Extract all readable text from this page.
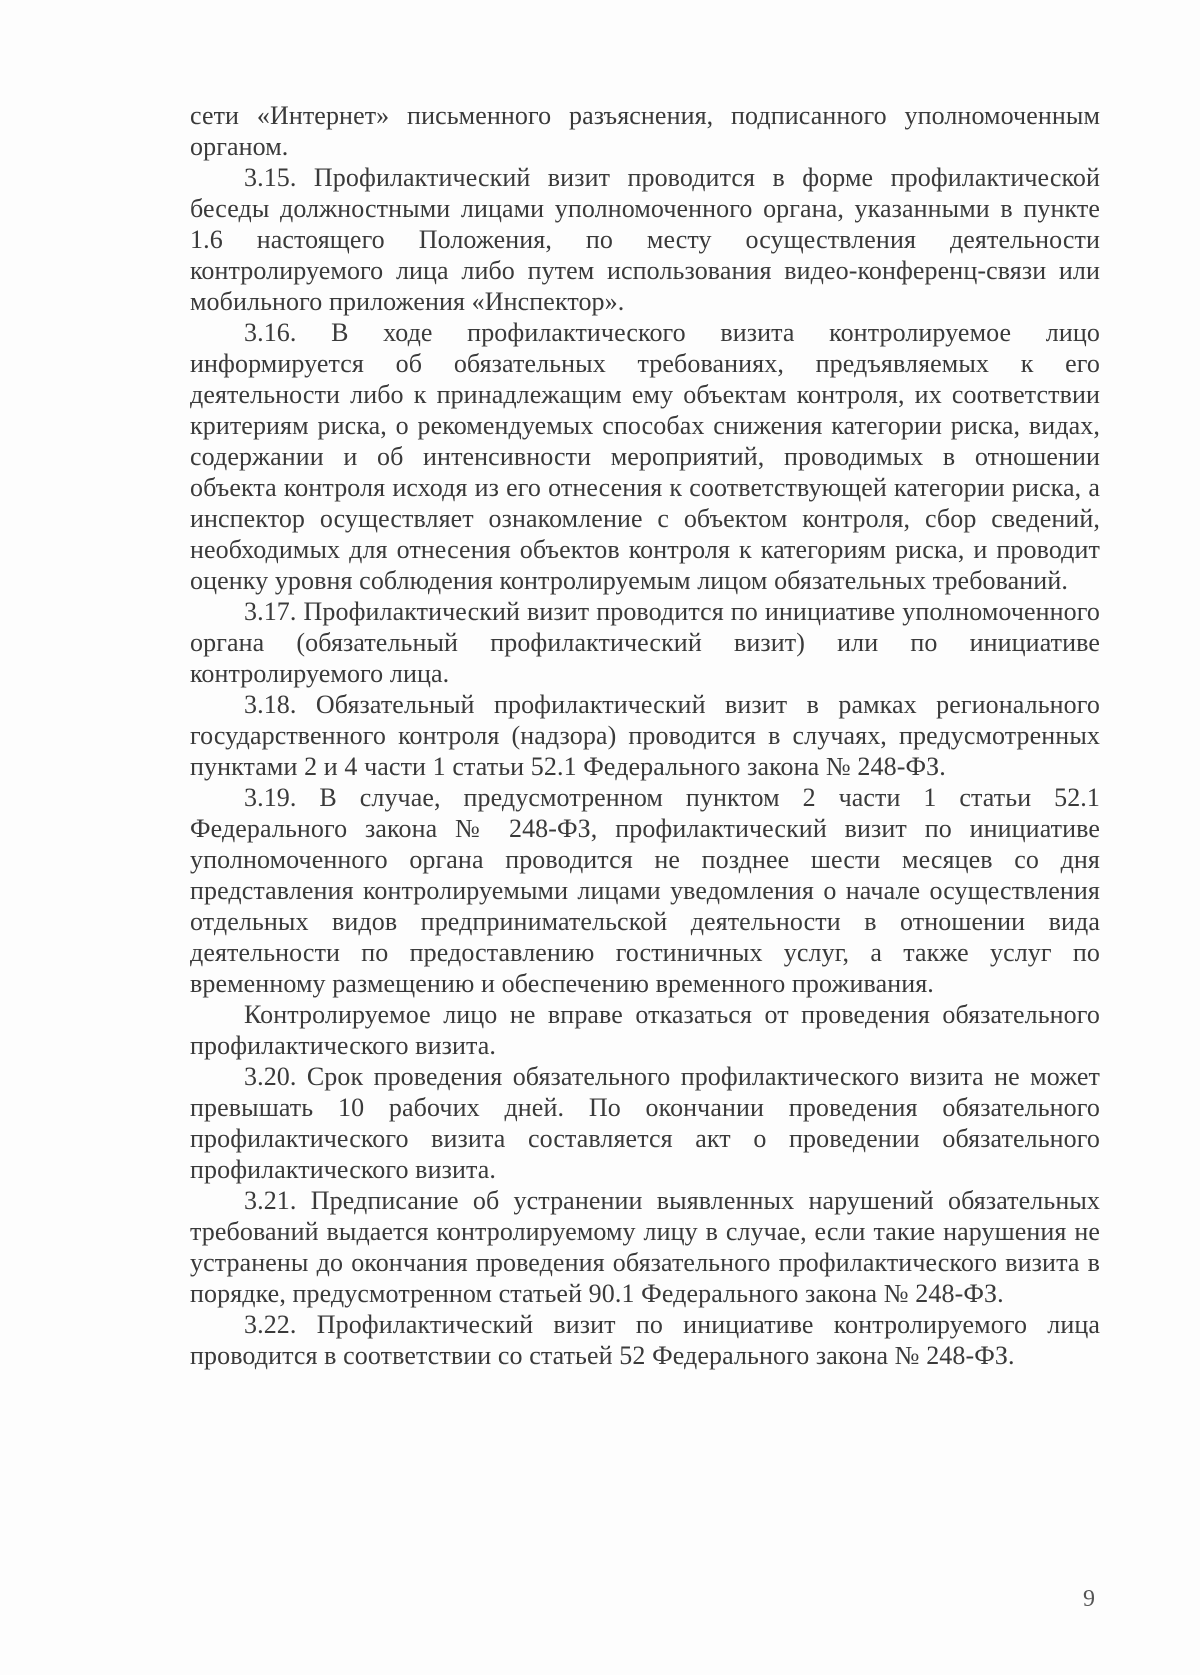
сети «Интернет» письменного разъяснения, подписанного уполномоченным органом.

3.15. Профилактический визит проводится в форме профилактической беседы должностными лицами уполномоченного органа, указанными в пункте 1.6 настоящего Положения, по месту осуществления деятельности контролируемого лица либо путем использования видео-конференц-связи или мобильного приложения «Инспектор».

3.16. В ходе профилактического визита контролируемое лицо информируется об обязательных требованиях, предъявляемых к его деятельности либо к принадлежащим ему объектам контроля, их соответствии критериям риска, о рекомендуемых способах снижения категории риска, видах, содержании и об интенсивности мероприятий, проводимых в отношении объекта контроля исходя из его отнесения к соответствующей категории риска, а инспектор осуществляет ознакомление с объектом контроля, сбор сведений, необходимых для отнесения объектов контроля к категориям риска, и проводит оценку уровня соблюдения контролируемым лицом обязательных требований.

3.17. Профилактический визит проводится по инициативе уполномоченного органа (обязательный профилактический визит) или по инициативе контролируемого лица.

3.18. Обязательный профилактический визит в рамках регионального государственного контроля (надзора) проводится в случаях, предусмотренных пунктами 2 и 4 части 1 статьи 52.1 Федерального закона № 248-ФЗ.

3.19. В случае, предусмотренном пунктом 2 части 1 статьи 52.1 Федерального закона № 248-ФЗ, профилактический визит по инициативе уполномоченного органа проводится не позднее шести месяцев со дня представления контролируемыми лицами уведомления о начале осуществления отдельных видов предпринимательской деятельности в отношении вида деятельности по предоставлению гостиничных услуг, а также услуг по временному размещению и обеспечению временного проживания.

Контролируемое лицо не вправе отказаться от проведения обязательного профилактического визита.

3.20. Срок проведения обязательного профилактического визита не может превышать 10 рабочих дней. По окончании проведения обязательного профилактического визита составляется акт о проведении обязательного профилактического визита.

3.21. Предписание об устранении выявленных нарушений обязательных требований выдается контролируемому лицу в случае, если такие нарушения не устранены до окончания проведения обязательного профилактического визита в порядке, предусмотренном статьей 90.1 Федерального закона № 248-ФЗ.

3.22. Профилактический визит по инициативе контролируемого лица проводится в соответствии со статьей 52 Федерального закона № 248-ФЗ.

9
